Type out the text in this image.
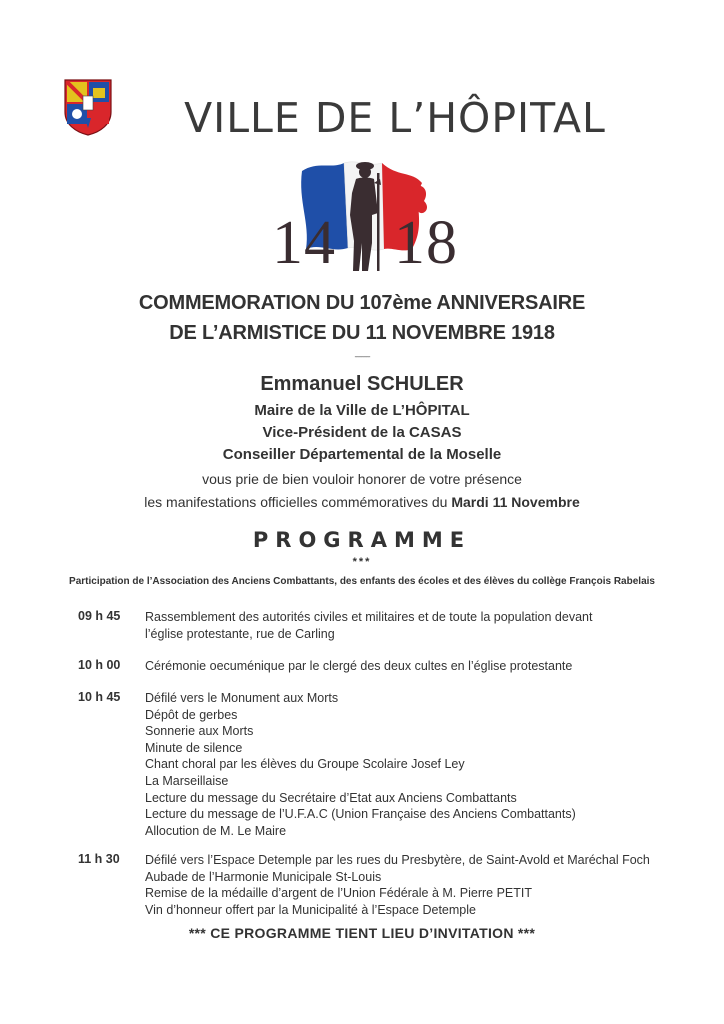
VILLE DE L’HÔPITAL
14 18
COMMEMORATION DU 107ème ANNIVERSAIRE
DE L’ARMISTICE DU 11 NOVEMBRE 1918
---------
Emmanuel SCHULER
Maire de la Ville de L’HÔPITAL
Vice-Président de la CASAS
Conseiller Départemental de la Moselle
vous prie de bien vouloir honorer de votre présence
les manifestations officielles commémoratives du Mardi 11 Novembre
PROGRAMME
***
Participation de l’Association des Anciens Combattants, des enfants des écoles et des élèves du collège François Rabelais
09 h 45	Rassemblement des autorités civiles et militaires et de toute la population devant
l’église protestante, rue de Carling
10 h 00	Cérémonie oecuménique par le clergé des deux cultes en l’église protestante
10 h 45	Défilé vers le Monument aux Morts
Dépôt de gerbes
Sonnerie aux Morts
Minute de silence
Chant choral par les élèves du Groupe Scolaire Josef Ley
La Marseillaise
Lecture du message du Secrétaire d’Etat aux Anciens Combattants
Lecture du message de l’U.F.A.C (Union Française des Anciens Combattants)
Allocution de M. Le Maire
11 h 30	Défilé vers l’Espace Detemple par les rues du Presbytère, de Saint-Avold et Maréchal Foch
Aubade de l’Harmonie Municipale St-Louis
Remise de la médaille d’argent de l’Union Fédérale à M. Pierre PETIT
Vin d’honneur offert par la Municipalité à l’Espace Detemple
*** CE PROGRAMME TIENT LIEU D’INVITATION ***
